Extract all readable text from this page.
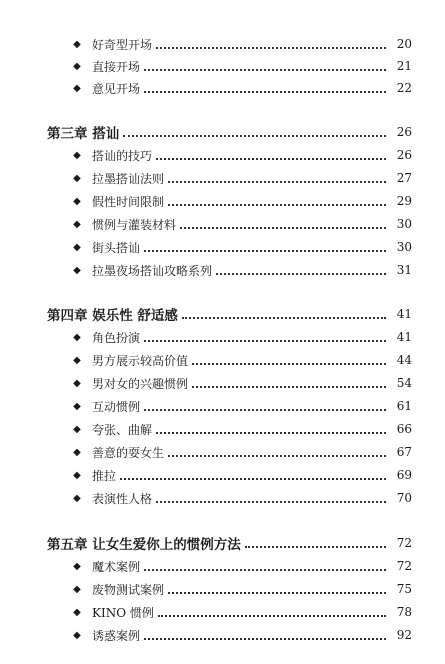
◆ 好奇型开场	20
◆ 直接开场	21
◆ 意见开场	22
第三章 搭讪	26
◆ 搭讪的技巧	26
◆ 拉墨搭讪法则	27
◆ 假性时间限制	29
◆ 惯例与灌装材料	30
◆ 街头搭讪	30
◆ 拉墨夜场搭讪攻略系列	31
第四章 娱乐性 舒适感	41
◆ 角色扮演	41
◆ 男方展示较高价值	44
◆ 男对女的兴趣惯例	54
◆ 互动惯例	61
◆ 夸张、曲解	66
◆ 善意的耍女生	67
◆ 推拉	69
◆ 表演性人格	70
第五章 让女生爱你上的惯例方法	72
◆ 魔术案例	72
◆ 废物测试案例	75
◆ KINO 惯例	78
◆ 诱惑案例	92
